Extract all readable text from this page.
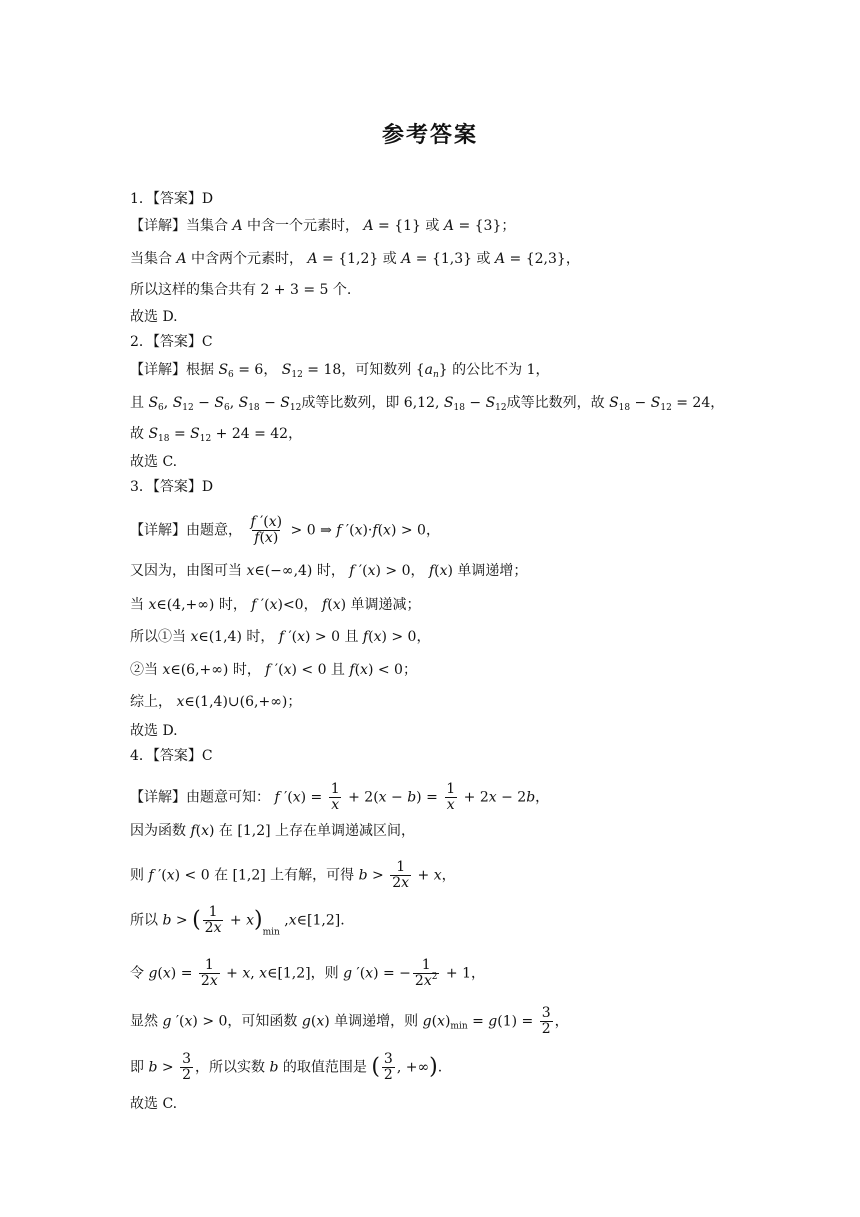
参考答案
1．【答案】D
【详解】当集合 A 中含一个元素时， A = {1} 或 A = {3}；
当集合 A 中含两个元素时， A = {1,2} 或 A = {1,3} 或 A = {2,3}，
所以这样的集合共有 2 + 3 = 5 个.
故选 D.
2．【答案】C
【详解】根据 $S_6 = 6$， $S_{12} = 18$，可知数列 $\{a_n\}$ 的公比不为 1，
且 $S_6$, $S_{12} - S_6$, $S_{18} - S_{12}$成等比数列，即 6,12, $S_{18} - S_{12}$成等比数列，故 $S_{18} - S_{12} = 24$，
故 $S_{18} = S_{12} + 24 = 42$，
故选 C.
3．【答案】D
【详解】由题意， $\frac{f '(x)}{f(x)} > 0$ ⇒ f ′(x)·f(x) > 0，
又因为，由图可当 x∈(−∞,4) 时， f ′(x) > 0， f(x) 单调递增；
当 x∈(4,+∞) 时， f ′(x)<0， f(x) 单调递减；
所以①当 x∈(1,4) 时， f ′(x) > 0 且 f(x) > 0，
②当 x∈(6,+∞) 时， f ′(x) < 0 且 f(x) < 0；
综上， x∈(1,4)∪(6,+∞)；
故选 D.
4．【答案】C
【详解】由题意可知： f $'(x) = \frac{1}{x} + 2(x - b) = \frac{1}{x} + 2x - 2b$，
因为函数 f(x) 在 [1,2] 上存在单调递减区间，
则 f ′(x) < 0 在 [1,2] 上有解，可得 $b > \frac{1}{2x} + x$，
所以 b > ( $\frac{1}{2x} + x)_{min}$ ,x∈[1,2].
令 $g(x) = \frac{1}{2x} + x$, x∈[1,2]，则 g ′(x) = − $\frac{1}{2x^2} + 1$，
显然 g ′(x) > 0，可知函数 g(x) 单调递增，则 $g(x)_{min} = g(1) = \frac{3}{2}$ ，
即 $b > \frac{3}{2}$ ，所以实数 b 的取值范围是 ( $\frac{3}{2}$ , +∞).
故选 C.
